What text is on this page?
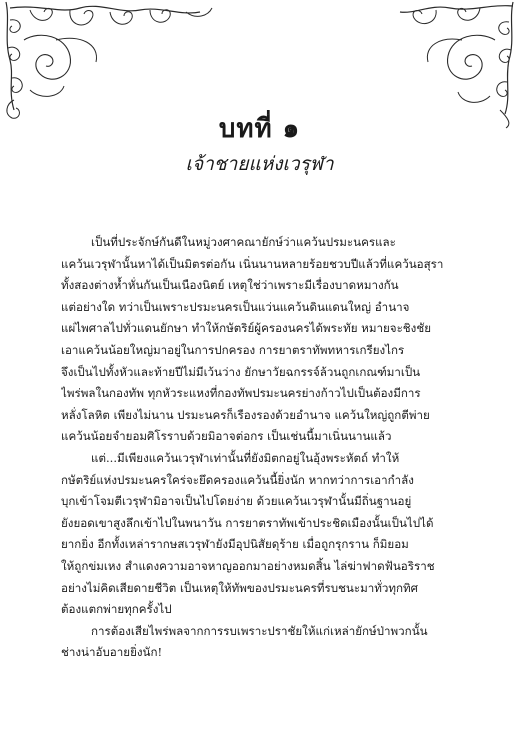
บทที่ ๑
เจ้าชายแห่งเวรุฬา
เป็นที่ประจักษ์กันดีในหมู่วงศาคณายักษ์ว่าแคว้นปรมะนครและ
แคว้นเวรุฬานั้นหาได้เป็นมิตรต่อกัน เนิ่นนานหลายร้อยชวบปีแล้วที่แคว้นอสุรา
ทั้งสองต่างห้ำหั่นกันเป็นเนืองนิตย์ เหตุใช่ว่าเพราะมีเรื่องบาดหมางกัน
แต่อย่างใด ทว่าเป็นเพราะปรมะนครเป็นแว่นแคว้นดินแดนใหญ่ อำนาจ
แผ่ไพศาลไปทั่วแดนยักษา ทำให้กษัตริย์ผู้ครองนครได้พระทัย หมายจะชิงชัย
เอาแคว้นน้อยใหญ่มาอยู่ในการปกครอง การยาตราทัพทหารเกรียงไกร
จึงเป็นไปทั้งหัวและท้ายปีไม่มีเว้นว่าง ยักษาวัยฉกรรจ์ล้วนถูกเกณฑ์มาเป็น
ไพร่พลในกองทัพ ทุกหัวระแหงที่กองทัพปรมะนครย่างก้าวไปเป็นต้องมีการ
หลั่งโลหิต เพียงไม่นาน ปรมะนครก็เรืองรองด้วยอำนาจ แคว้นใหญ่ถูกตีพ่าย
แคว้นน้อยจำยอมศิโรราบด้วยมิอาจต่อกร เป็นเช่นนี้มาเนิ่นนานแล้ว
แต่...มีเพียงแคว้นเวรุฬาเท่านั้นที่ยังมิตกอยู่ในอุ้งพระหัตถ์ ทำให้
กษัตริย์แห่งปรมะนครใคร่จะยึดครองแคว้นนี้ยิ่งนัก หากทว่าการเอากำลัง
บุกเข้าโจมตีเวรุฬามิอาจเป็นไปโดยง่าย ด้วยแคว้นเวรุฬานั้นมีถิ่นฐานอยู่
ยังยอดเขาสูงลึกเข้าไปในพนาวัน การยาตราทัพเข้าประชิดเมืองนั้นเป็นไปได้
ยากยิ่ง อีกทั้งเหล่ารากษสเวรุฬายังมีอุปนิสัยดุร้าย เมื่อถูกรุกราน ก็มิยอม
ให้ถูกข่มเหง สำแดงความอาจหาญออกมาอย่างหมดสิ้น ไล่ฆ่าฟาดฟันอริราช
อย่างไม่คิดเสียดายชีวิต เป็นเหตุให้ทัพของปรมะนครที่รบชนะมาทั่วทุกทิศ
ต้องแตกพ่ายทุกครั้งไป
การต้องเสียไพร่พลจากการรบเพราะปราชัยให้แก่เหล่ายักษ์ป่าพวกนั้น
ช่างน่าอับอายยิ่งนัก!
